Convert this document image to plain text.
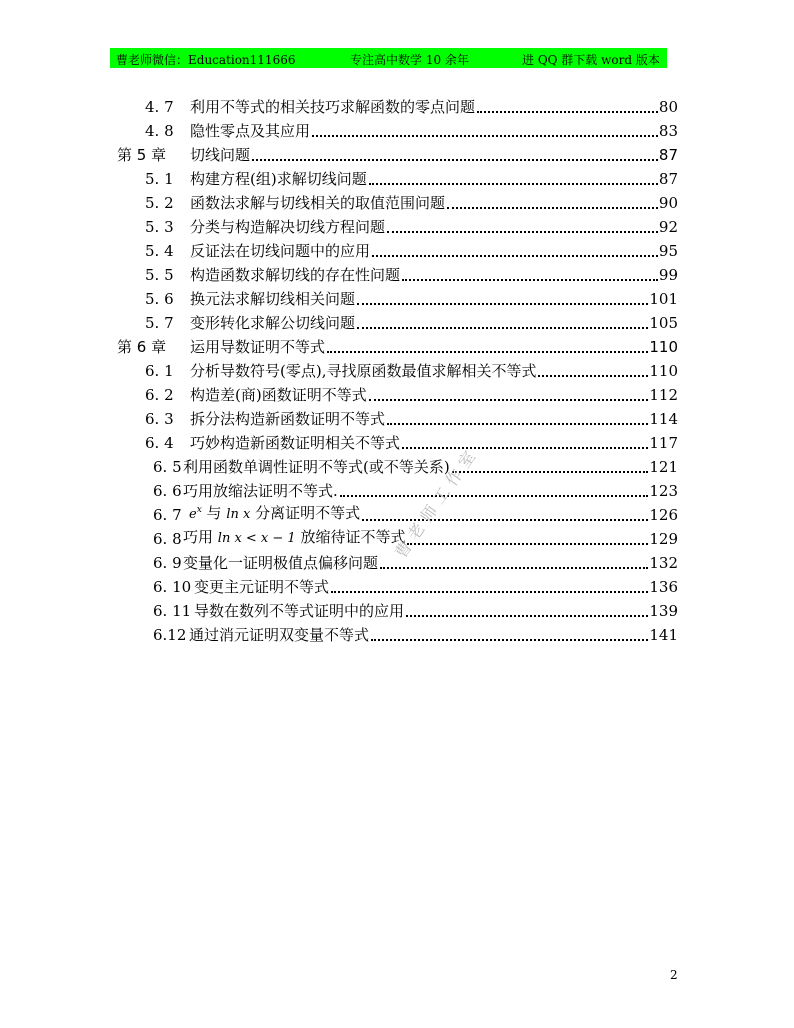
曹老师微信：Education111666	专注高中数学 10 余年	进 QQ 群下载 word 版本
4. 7	利用不等式的相关技巧求解函数的零点问题	80
4. 8	隐性零点及其应用	83
第 5 章	切线问题	87
5. 1	构建方程(组)求解切线问题	87
5. 2	函数法求解与切线相关的取值范围问题	90
5. 3	分类与构造解决切线方程问题	92
5. 4	反证法在切线问题中的应用	95
5. 5	构造函数求解切线的存在性问题	99
5. 6	换元法求解切线相关问题	101
5. 7	变形转化求解公切线问题	105
第 6 章	运用导数证明不等式	110
6. 1	分析导数符号(零点),寻找原函数最值求解相关不等式	110
6. 2	构造差(商)函数证明不等式	112
6. 3	拆分法构造新函数证明不等式	114
6. 4	巧妙构造新函数证明相关不等式	117
6. 5 利用函数单调性证明不等式(或不等关系)	121
6. 6 巧用放缩法证明不等式.	123
6. 7 $e^x$ 与 ln x 分离证明不等式	126
6. 8 巧用 ln x < x − 1 放缩待证不等式	129
6. 9 变量化一证明极值点偏移问题	132
6. 10 变更主元证明不等式	136
6. 11 导数在数列不等式证明中的应用	139
6.12 通过消元证明双变量不等式	141
曹老师工作室
2
